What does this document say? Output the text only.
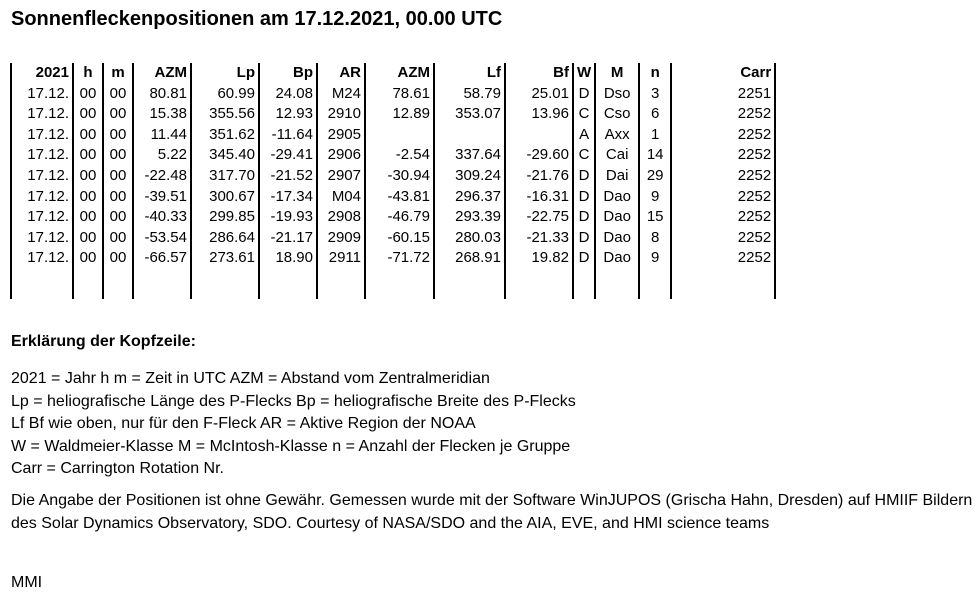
Sonnenfleckenpositionen am 17.12.2021, 00.00 UTC
2021	h	m	AZM	Lp	Bp	AR	AZM	Lf	Bf	W	M	n	Carr
17.12.	00	00	80.81	60.99	24.08	M24	78.61	58.79	25.01	D	Dso	3	2251
17.12.	00	00	15.38	355.56	12.93	2910	12.89	353.07	13.96	C	Cso	6	2252
17.12.	00	00	11.44	351.62	-11.64	2905				A	Axx	1	2252
17.12.	00	00	5.22	345.40	-29.41	2906	-2.54	337.64	-29.60	C	Cai	14	2252
17.12.	00	00	-22.48	317.70	-21.52	2907	-30.94	309.24	-21.76	D	Dai	29	2252
17.12.	00	00	-39.51	300.67	-17.34	M04	-43.81	296.37	-16.31	D	Dao	9	2252
17.12.	00	00	-40.33	299.85	-19.93	2908	-46.79	293.39	-22.75	D	Dao	15	2252
17.12.	00	00	-53.54	286.64	-21.17	2909	-60.15	280.03	-21.33	D	Dao	8	2252
17.12.	00	00	-66.57	273.61	18.90	2911	-71.72	268.91	19.82	D	Dao	9	2252

Erklärung der Kopfzeile:
2021 = Jahr h m = Zeit in UTC AZM = Abstand vom Zentralmeridian
Lp = heliografische Länge des P-Flecks Bp = heliografische Breite des P-Flecks
Lf Bf wie oben, nur für den F-Fleck AR = Aktive Region der NOAA
W = Waldmeier-Klasse M = McIntosh-Klasse n = Anzahl der Flecken je Gruppe
Carr = Carrington Rotation Nr.
Die Angabe der Positionen ist ohne Gewähr. Gemessen wurde mit der Software WinJUPOS (Grischa Hahn, Dresden) auf HMIIF Bildern des Solar Dynamics Observatory, SDO. Courtesy of NASA/SDO and the AIA, EVE, and HMI science teams
MMI
